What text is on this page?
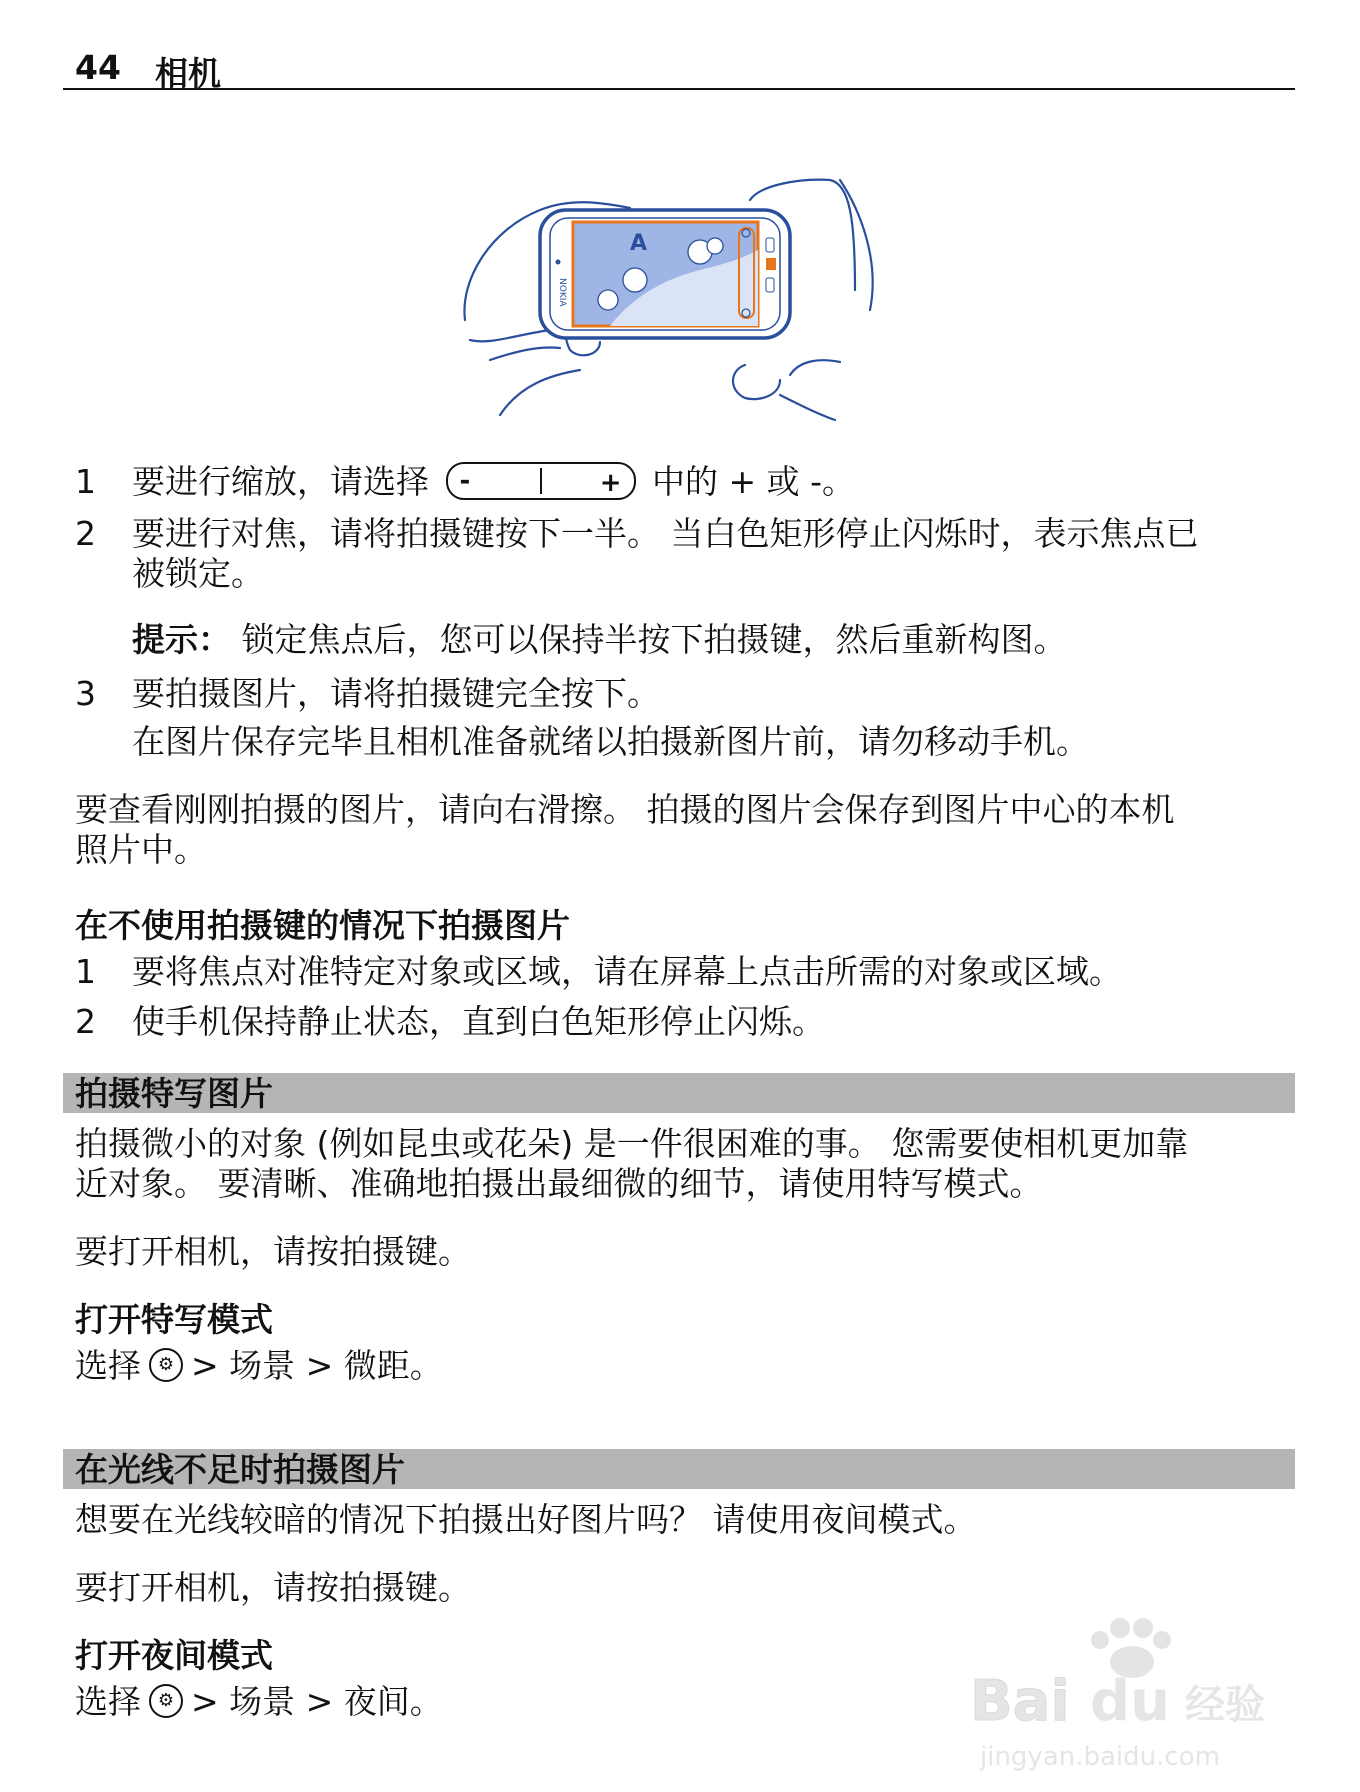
44 相机
A
NOKIA
1 要进行缩放，请选择 -	+ 中的 + 或 -。
2 要进行对焦，请将拍摄键按下一半。 当白色矩形停止闪烁时，表示焦点已
被锁定。
提示： 锁定焦点后，您可以保持半按下拍摄键，然后重新构图。
3 要拍摄图片，请将拍摄键完全按下。
在图片保存完毕且相机准备就绪以拍摄新图片前，请勿移动手机。
要查看刚刚拍摄的图片，请向右滑擦。 拍摄的图片会保存到图片中心的本机
照片中。
在不使用拍摄键的情况下拍摄图片
1 要将焦点对准特定对象或区域，请在屏幕上点击所需的对象或区域。
2 使手机保持静止状态，直到白色矩形停止闪烁。
拍摄特写图片
拍摄微小的对象 (例如昆虫或花朵) 是一件很困难的事。 您需要使相机更加靠
近对象。 要清晰、准确地拍摄出最细微的细节，请使用特写模式。
要打开相机，请按拍摄键。
打开特写模式
选择 ⚙ > 场景 > 微距。
在光线不足时拍摄图片
想要在光线较暗的情况下拍摄出好图片吗？ 请使用夜间模式。
要打开相机，请按拍摄键。
打开夜间模式
选择 ⚙ > 场景 > 夜间。	Bai du 经验
jingyan.baidu.com
